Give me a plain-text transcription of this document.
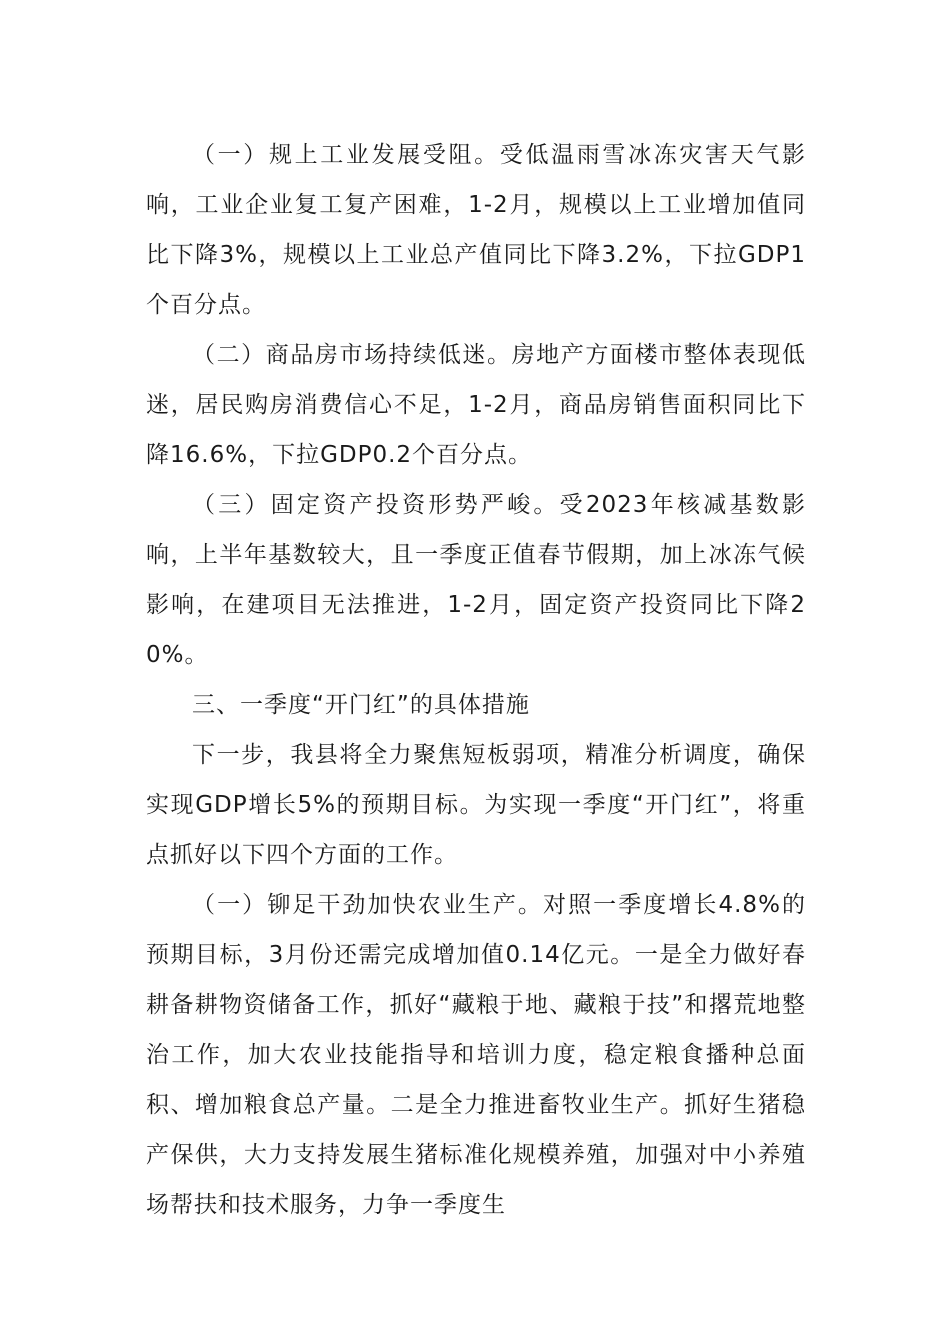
（一）规上工业发展受阻。受低温雨雪冰冻灾害天气影响，工业企业复工复产困难，1-2月，规模以上工业增加值同比下降3%，规模以上工业总产值同比下降3.2%，下拉GDP1个百分点。

（二）商品房市场持续低迷。房地产方面楼市整体表现低迷，居民购房消费信心不足，1-2月，商品房销售面积同比下降16.6%，下拉GDP0.2个百分点。

（三）固定资产投资形势严峻。受2023年核减基数影响，上半年基数较大，且一季度正值春节假期，加上冰冻气候影响，在建项目无法推进，1-2月，固定资产投资同比下降20%。

三、一季度“开门红”的具体措施

下一步，我县将全力聚焦短板弱项，精准分析调度，确保实现GDP增长5%的预期目标。为实现一季度“开门红”，将重点抓好以下四个方面的工作。

（一）铆足干劲加快农业生产。对照一季度增长4.8%的预期目标，3月份还需完成增加值0.14亿元。一是全力做好春耕备耕物资储备工作，抓好“藏粮于地、藏粮于技”和撂荒地整治工作，加大农业技能指导和培训力度，稳定粮食播种总面积、增加粮食总产量。二是全力推进畜牧业生产。抓好生猪稳产保供，大力支持发展生猪标准化规模养殖，加强对中小养殖场帮扶和技术服务，力争一季度生
